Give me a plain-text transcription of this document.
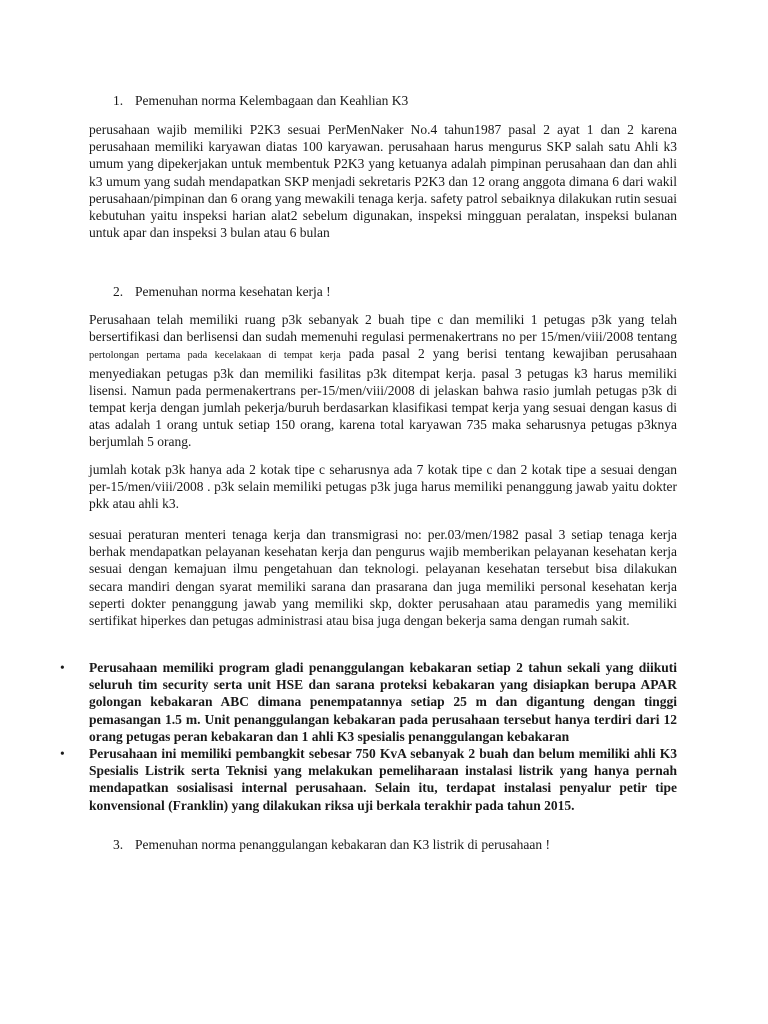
1. Pemenuhan norma Kelembagaan dan Keahlian K3

perusahaan wajib memiliki P2K3 sesuai PerMenNaker No.4 tahun1987 pasal 2 ayat 1 dan 2 karena perusahaan memiliki karyawan diatas 100 karyawan. perusahaan harus mengurus SKP salah satu Ahli k3 umum yang dipekerjakan untuk membentuk P2K3 yang ketuanya adalah pimpinan perusahaan dan dan ahli k3 umum yang sudah mendapatkan SKP menjadi sekretaris P2K3 dan 12 orang anggota dimana 6 dari wakil perusahaan/pimpinan dan 6 orang yang mewakili tenaga kerja. safety patrol sebaiknya dilakukan rutin sesuai kebutuhan yaitu inspeksi harian alat2 sebelum digunakan, inspeksi mingguan peralatan, inspeksi bulanan untuk apar dan inspeksi 3 bulan atau 6 bulan

2. Pemenuhan norma kesehatan kerja !

Perusahaan telah memiliki ruang p3k sebanyak 2 buah tipe c dan memiliki 1 petugas p3k yang telah bersertifikasi dan berlisensi dan sudah memenuhi regulasi permenakertrans no per 15/men/viii/2008 tentang pertolongan pertama pada kecelakaan di tempat kerja pada pasal 2 yang berisi tentang kewajiban perusahaan menyediakan petugas p3k dan memiliki fasilitas p3k ditempat kerja. pasal 3 petugas k3 harus memiliki lisensi. Namun pada permenakertrans per-15/men/viii/2008 di jelaskan bahwa rasio jumlah petugas p3k di tempat kerja dengan jumlah pekerja/buruh berdasarkan klasifikasi tempat kerja yang sesuai dengan kasus di atas adalah 1 orang untuk setiap 150 orang, karena total karyawan 735 maka seharusnya petugas p3knya berjumlah 5 orang.

jumlah kotak p3k hanya ada 2 kotak tipe c seharusnya ada 7 kotak tipe c dan 2 kotak tipe a sesuai dengan per-15/men/viii/2008 . p3k selain memiliki petugas p3k juga harus memiliki penanggung jawab yaitu dokter pkk atau ahli k3.

sesuai peraturan menteri tenaga kerja dan transmigrasi no: per.03/men/1982 pasal 3 setiap tenaga kerja berhak mendapatkan pelayanan kesehatan kerja dan pengurus wajib memberikan pelayanan kesehatan kerja sesuai dengan kemajuan ilmu pengetahuan dan teknologi. pelayanan kesehatan tersebut bisa dilakukan secara mandiri dengan syarat memiliki sarana dan prasarana dan juga memiliki personal kesehatan kerja seperti dokter penanggung jawab yang memiliki skp, dokter perusahaan atau paramedis yang memiliki sertifikat hiperkes dan petugas administrasi atau bisa juga dengan bekerja sama dengan rumah sakit.

• Perusahaan memiliki program gladi penanggulangan kebakaran setiap 2 tahun sekali yang diikuti seluruh tim security serta unit HSE dan sarana proteksi kebakaran yang disiapkan berupa APAR golongan kebakaran ABC dimana penempatannya setiap 25 m dan digantung dengan tinggi pemasangan 1.5 m. Unit penanggulangan kebakaran pada perusahaan tersebut hanya terdiri dari 12 orang petugas peran kebakaran dan 1 ahli K3 spesialis penanggulangan kebakaran
• Perusahaan ini memiliki pembangkit sebesar 750 KvA sebanyak 2 buah dan belum memiliki ahli K3 Spesialis Listrik serta Teknisi yang melakukan pemeliharaan instalasi listrik yang hanya pernah mendapatkan sosialisasi internal perusahaan. Selain itu, terdapat instalasi penyalur petir tipe konvensional (Franklin) yang dilakukan riksa uji berkala terakhir pada tahun 2015.
3. Pemenuhan norma penanggulangan kebakaran dan K3 listrik di perusahaan !
